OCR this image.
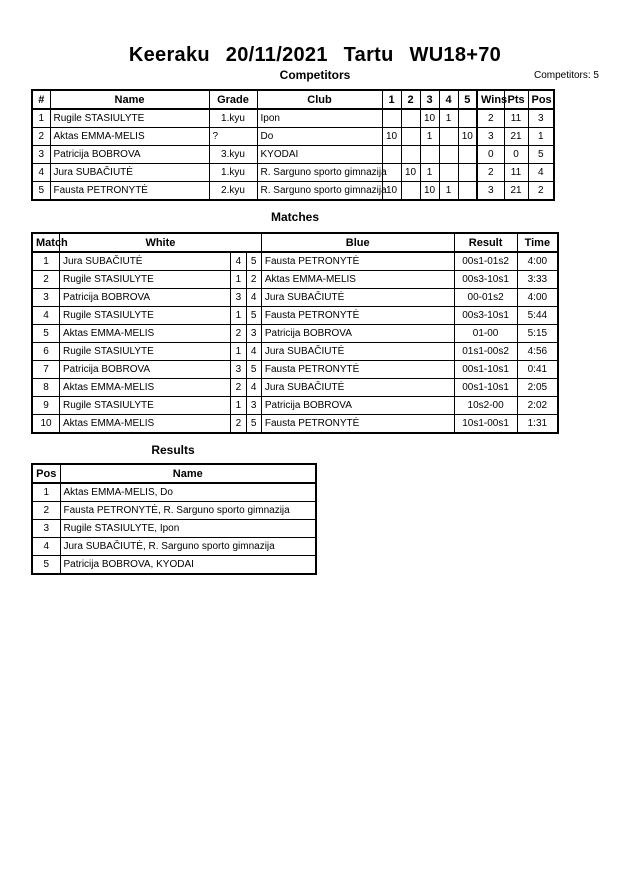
Keeraku 20/11/2021 Tartu WU18+70
Competitors	Competitors: 5
#	Name	Grade	Club	1	2	3	4	5	Wins	Pts	Pos
1	Rugile STASIULYTE	1.kyu	Ipon			10	1		2	11	3
2	Aktas EMMA-MELIS	?	Do	10		1		10	3	21	1
3	Patricija BOBROVA	3.kyu	KYODAI						0	0	5
4	Jura SUBAČIUTĖ	1.kyu	R. Sarguno sporto gimnazija		10	1			2	11	4
5	Fausta PETRONYTĖ	2.kyu	R. Sarguno sporto gimnazija	10		10	1		3	21	2
Matches
Match	White			Blue	Result	Time
1	Jura SUBAČIUTĖ	4	5	Fausta PETRONYTĖ	00s1-01s2	4:00
2	Rugile STASIULYTE	1	2	Aktas EMMA-MELIS	00s3-10s1	3:33
3	Patricija BOBROVA	3	4	Jura SUBAČIUTĖ	00-01s2	4:00
4	Rugile STASIULYTE	1	5	Fausta PETRONYTĖ	00s3-10s1	5:44
5	Aktas EMMA-MELIS	2	3	Patricija BOBROVA	01-00	5:15
6	Rugile STASIULYTE	1	4	Jura SUBAČIUTĖ	01s1-00s2	4:56
7	Patricija BOBROVA	3	5	Fausta PETRONYTĖ	00s1-10s1	0:41
8	Aktas EMMA-MELIS	2	4	Jura SUBAČIUTĖ	00s1-10s1	2:05
9	Rugile STASIULYTE	1	3	Patricija BOBROVA	10s2-00	2:02
10	Aktas EMMA-MELIS	2	5	Fausta PETRONYTĖ	10s1-00s1	1:31
Results
Pos	Name
1	Aktas EMMA-MELIS, Do
2	Fausta PETRONYTĖ, R. Sarguno sporto gimnazija
3	Rugile STASIULYTE, Ipon
4	Jura SUBAČIUTĖ, R. Sarguno sporto gimnazija
5	Patricija BOBROVA, KYODAI
